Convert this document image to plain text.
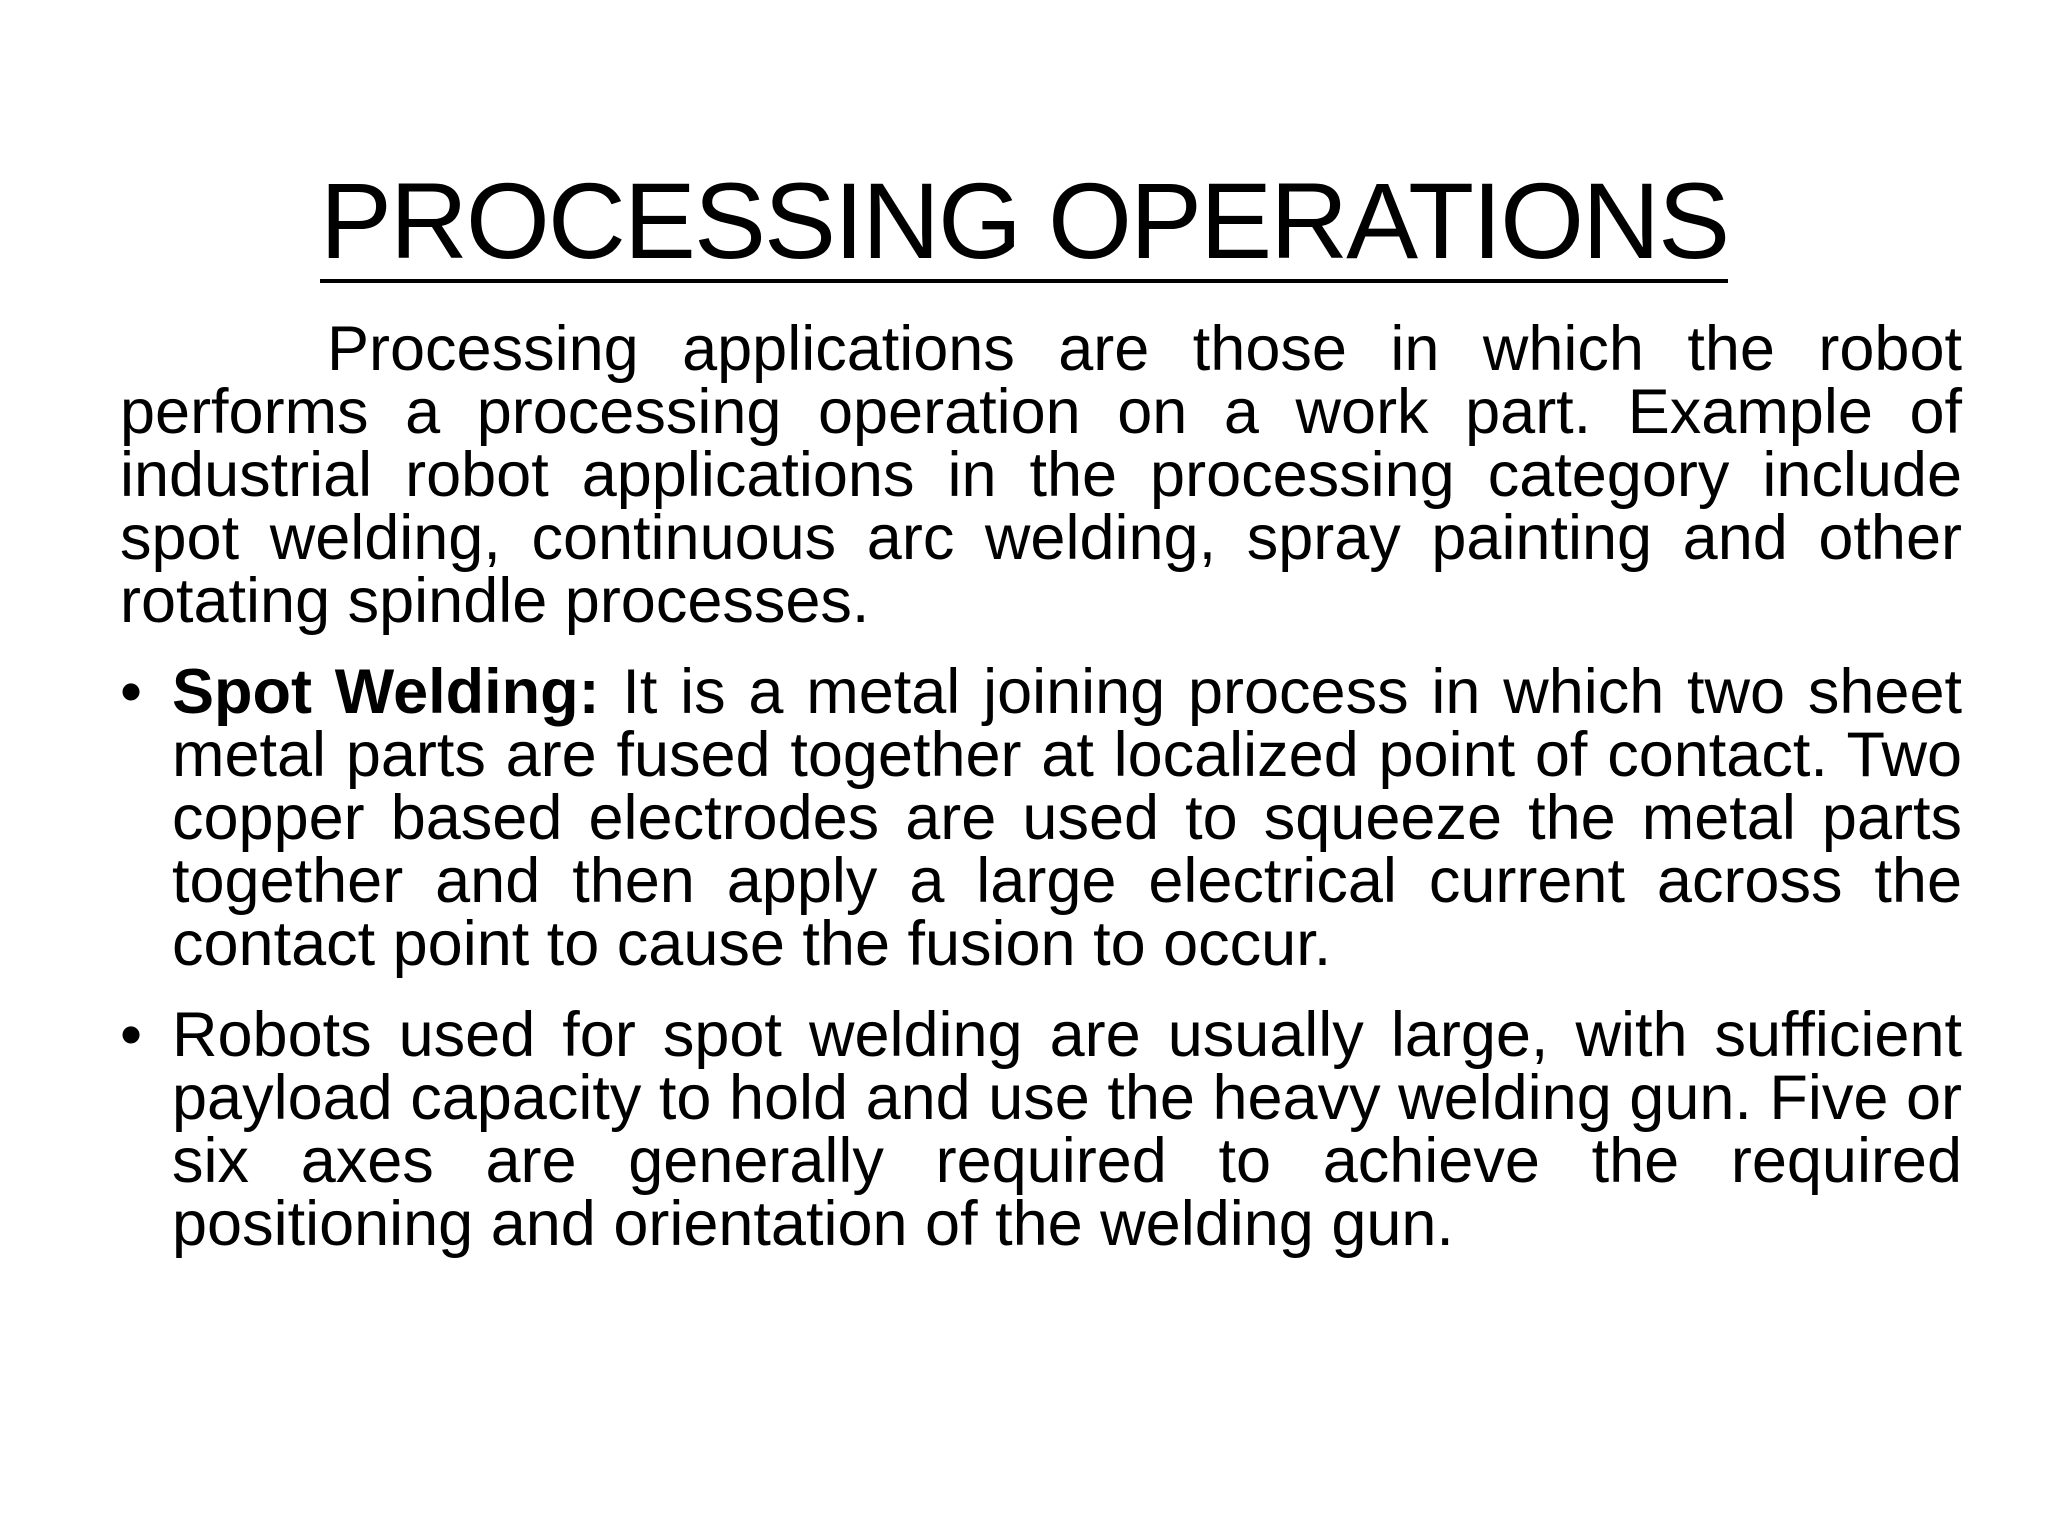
PROCESSING OPERATIONS

Processing applications are those in which the robot performs a processing operation on a work part. Example of industrial robot applications in the processing category include spot welding, continuous arc welding, spray painting and other rotating spindle processes.

• Spot Welding: It is a metal joining process in which two sheet metal parts are fused together at localized point of contact. Two copper based electrodes are used to squeeze the metal parts together and then apply a large electrical current across the contact point to cause the fusion to occur.
• Robots used for spot welding are usually large, with sufficient payload capacity to hold and use the heavy welding gun. Five or six axes are generally required to achieve the required positioning and orientation of the welding gun.
